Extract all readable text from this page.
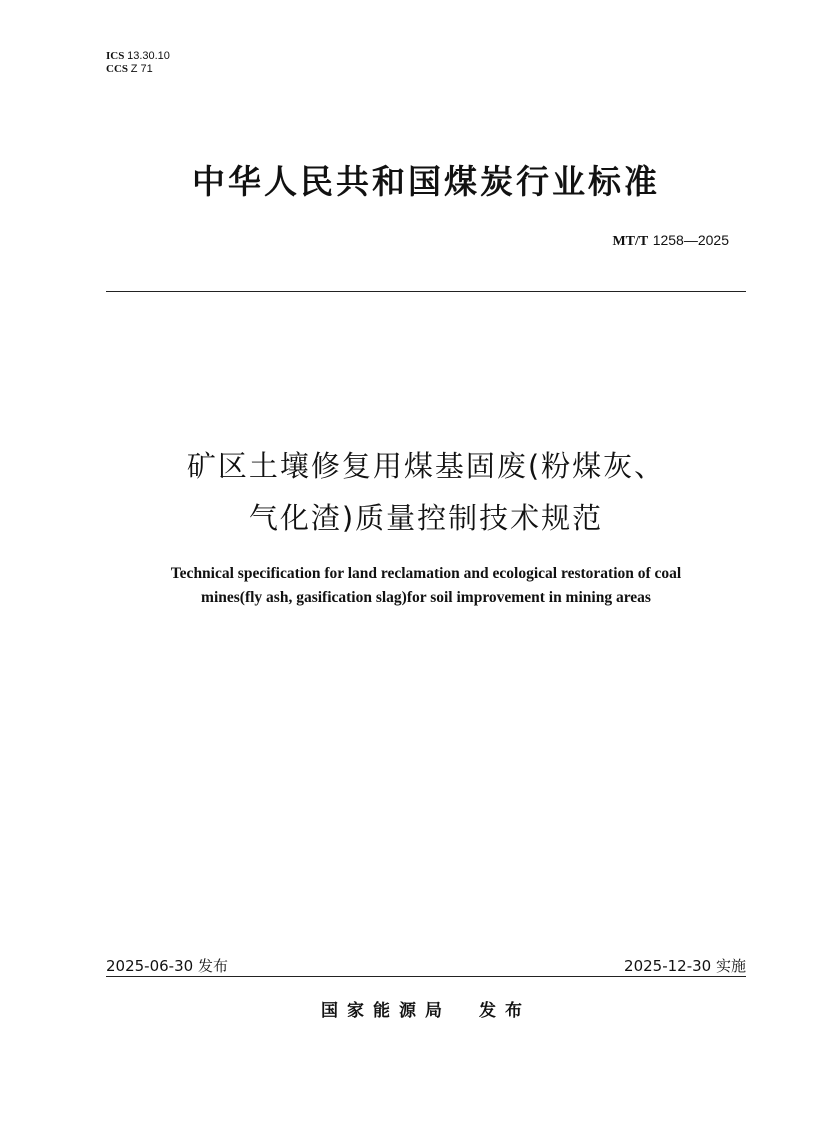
ICS 13.30.10
CCS Z 71
中华人民共和国煤炭行业标准
MT/T 1258—2025
矿区土壤修复用煤基固废(粉煤灰、
气化渣)质量控制技术规范
Technical specification for land reclamation and ecological restoration of coal
mines(fly ash, gasification slag)for soil improvement in mining areas
2025-06-30 发布	2025-12-30 实施
国家能源局 发布
